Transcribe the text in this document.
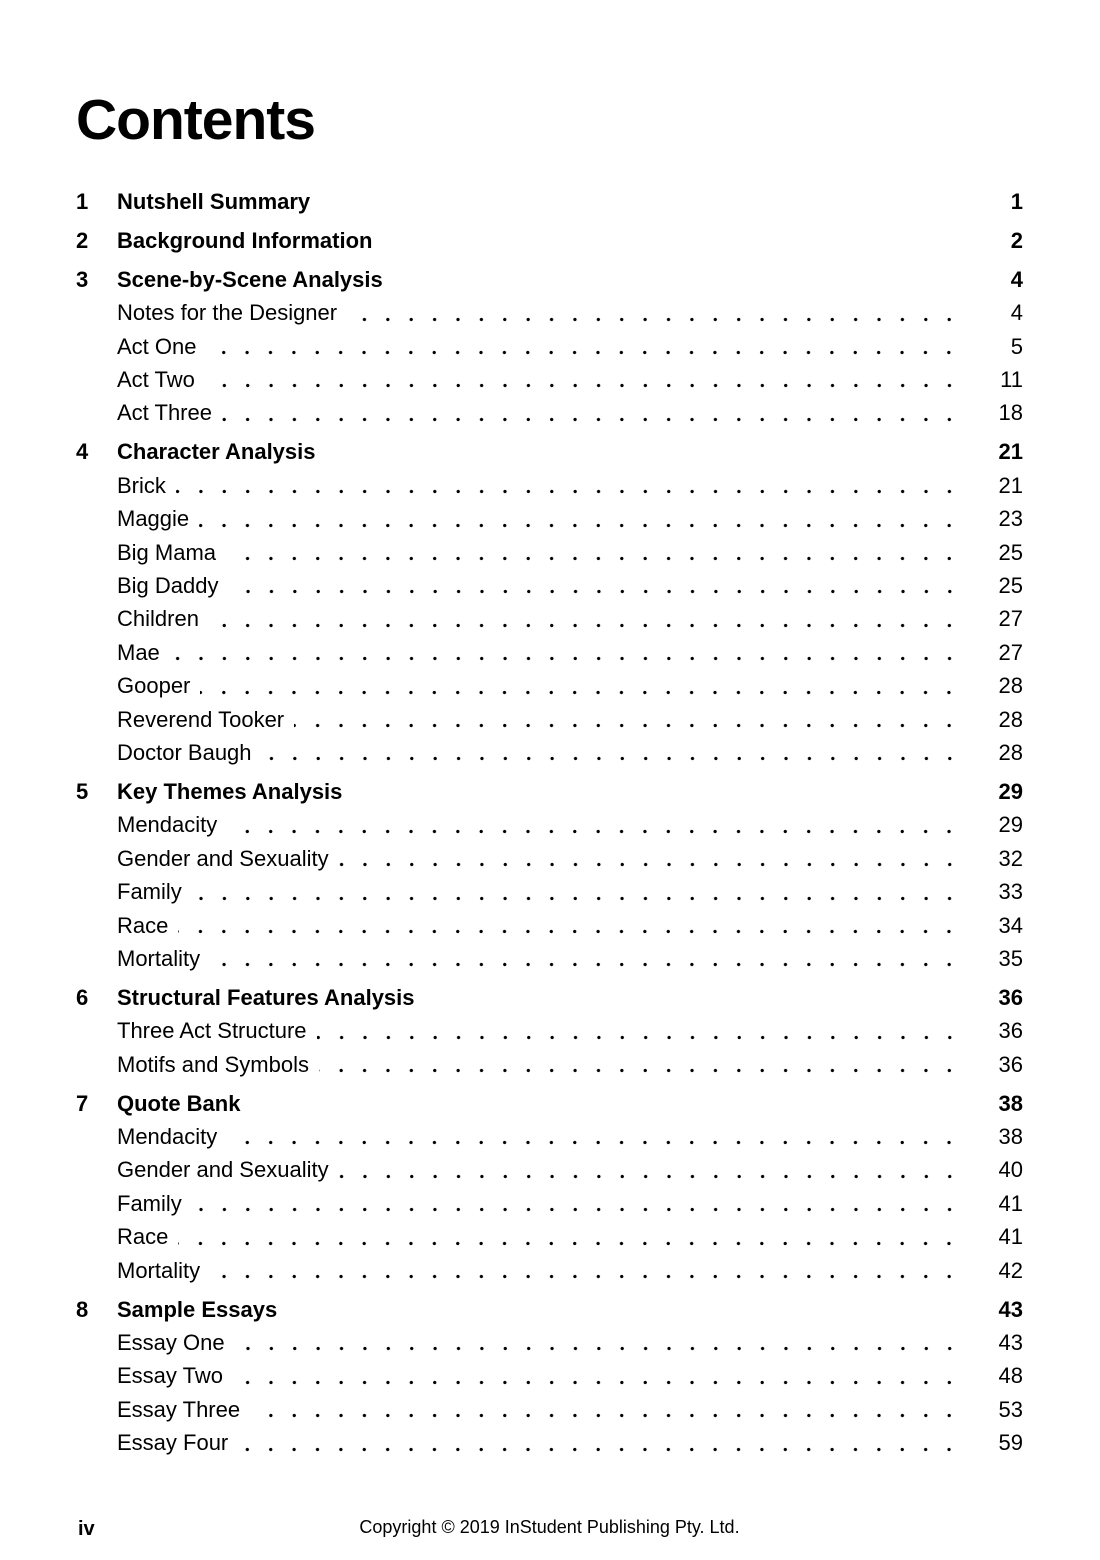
Contents
1	Nutshell Summary	1
2	Background Information	2
3	Scene-by-Scene Analysis	4
Notes for the Designer	4
Act One	5
Act Two	11
Act Three	18
4	Character Analysis	21
Brick	21
Maggie	23
Big Mama	25
Big Daddy	25
Children	27
Mae	27
Gooper	28
Reverend Tooker	28
Doctor Baugh	28
5	Key Themes Analysis	29
Mendacity	29
Gender and Sexuality	32
Family	33
Race	34
Mortality	35
6	Structural Features Analysis	36
Three Act Structure	36
Motifs and Symbols	36
7	Quote Bank	38
Mendacity	38
Gender and Sexuality	40
Family	41
Race	41
Mortality	42
8	Sample Essays	43
Essay One	43
Essay Two	48
Essay Three	53
Essay Four	59
iv	Copyright © 2019 InStudent Publishing Pty. Ltd.
